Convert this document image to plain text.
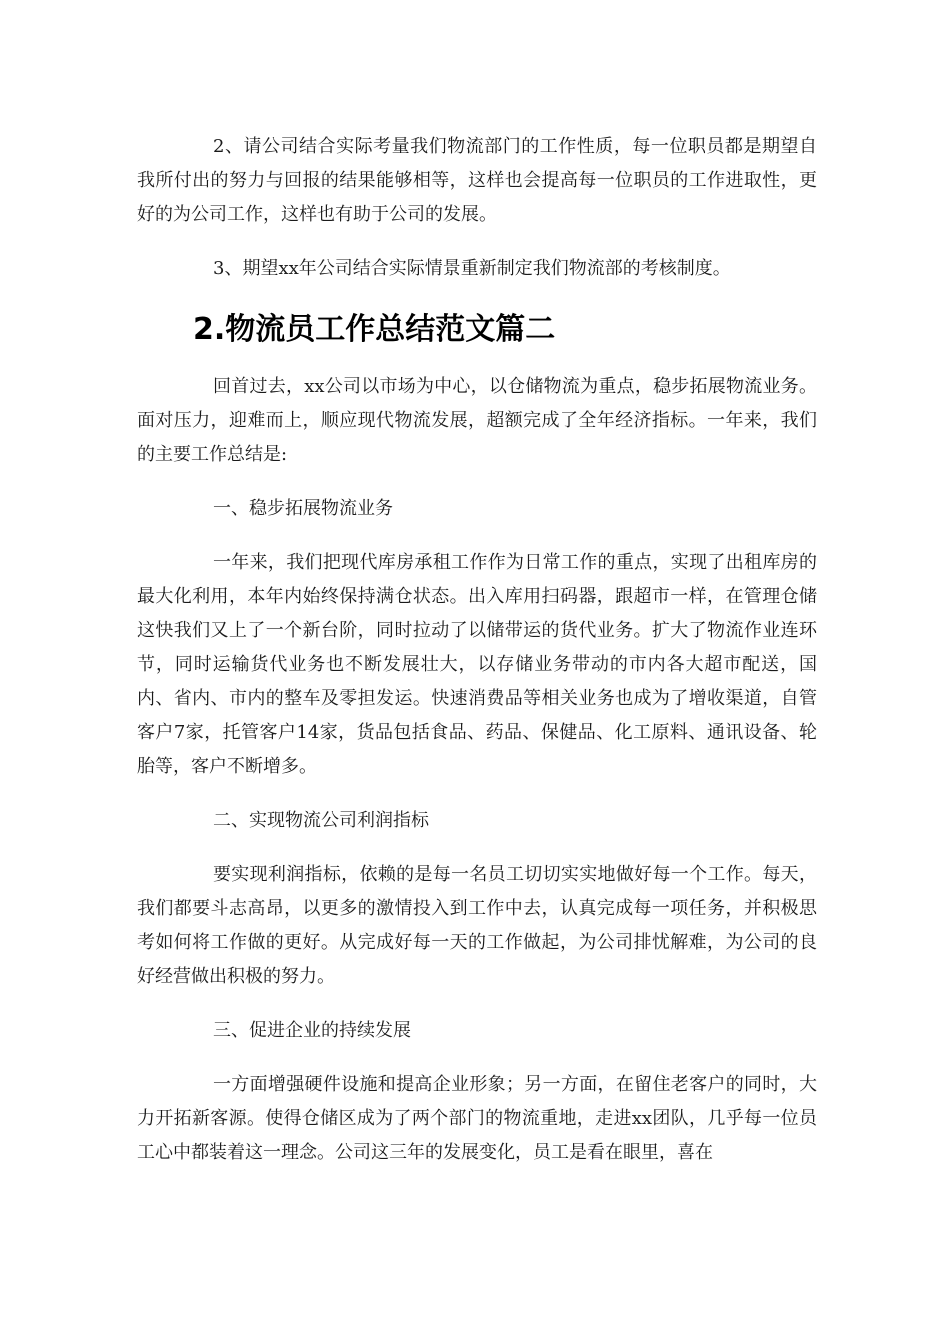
2、请公司结合实际考量我们物流部门的工作性质，每一位职员都是期望自我所付出的努力与回报的结果能够相等，这样也会提高每一位职员的工作进取性，更好的为公司工作，这样也有助于公司的发展。

3、期望xx年公司结合实际情景重新制定我们物流部的考核制度。

2.物流员工作总结范文篇二

回首过去，xx公司以市场为中心，以仓储物流为重点，稳步拓展物流业务。面对压力，迎难而上，顺应现代物流发展，超额完成了全年经济指标。一年来，我们的主要工作总结是:

一、稳步拓展物流业务

一年来，我们把现代库房承租工作作为日常工作的重点，实现了出租库房的最大化利用，本年内始终保持满仓状态。出入库用扫码器，跟超市一样，在管理仓储这快我们又上了一个新台阶，同时拉动了以储带运的货代业务。扩大了物流作业连环节，同时运输货代业务也不断发展壮大，以存储业务带动的市内各大超市配送，国内、省内、市内的整车及零担发运。快速消费品等相关业务也成为了增收渠道，自管客户7家，托管客户14家，货品包括食品、药品、保健品、化工原料、通讯设备、轮胎等，客户不断增多。

二、实现物流公司利润指标

要实现利润指标，依赖的是每一名员工切切实实地做好每一个工作。每天，我们都要斗志高昂，以更多的激情投入到工作中去，认真完成每一项任务，并积极思考如何将工作做的更好。从完成好每一天的工作做起，为公司排忧解难，为公司的良好经营做出积极的努力。

三、促进企业的持续发展

一方面增强硬件设施和提高企业形象；另一方面，在留住老客户的同时，大力开拓新客源。使得仓储区成为了两个部门的物流重地，走进xx团队，几乎每一位员工心中都装着这一理念。公司这三年的发展变化，员工是看在眼里，喜在
